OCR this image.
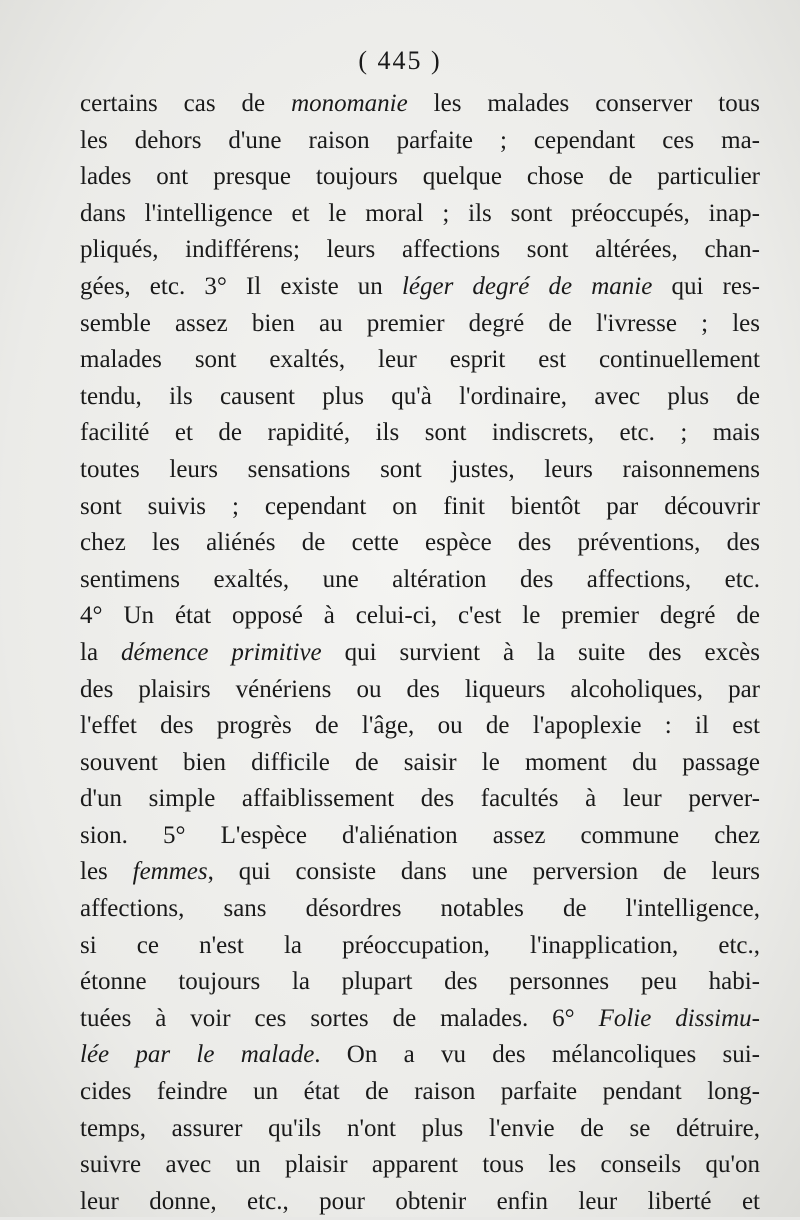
( 445 )
certains cas de monomanie les malades conserver tous
les dehors d'une raison parfaite ; cependant ces ma-
lades ont presque toujours quelque chose de particulier
dans l'intelligence et le moral ; ils sont préoccupés, inap-
pliqués, indifférens; leurs affections sont altérées, chan-
gées, etc. 3° Il existe un léger degré de manie qui res-
semble assez bien au premier degré de l'ivresse ; les
malades sont exaltés, leur esprit est continuellement
tendu, ils causent plus qu'à l'ordinaire, avec plus de
facilité et de rapidité, ils sont indiscrets, etc. ; mais
toutes leurs sensations sont justes, leurs raisonnemens
sont suivis ; cependant on finit bientôt par découvrir
chez les aliénés de cette espèce des préventions, des
sentimens exaltés, une altération des affections, etc.
4° Un état opposé à celui-ci, c'est le premier degré de
la démence primitive qui survient à la suite des excès
des plaisirs vénériens ou des liqueurs alcoholiques, par
l'effet des progrès de l'âge, ou de l'apoplexie : il est
souvent bien difficile de saisir le moment du passage
d'un simple affaiblissement des facultés à leur perver-
sion. 5° L'espèce d'aliénation assez commune chez
les femmes, qui consiste dans une perversion de leurs
affections, sans désordres notables de l'intelligence,
si ce n'est la préoccupation, l'inapplication, etc.,
étonne toujours la plupart des personnes peu habi-
tuées à voir ces sortes de malades. 6° Folie dissimu-
lée par le malade. On a vu des mélancoliques sui-
cides feindre un état de raison parfaite pendant long-
temps, assurer qu'ils n'ont plus l'envie de se détruire,
suivre avec un plaisir apparent tous les conseils qu'on
leur donne, etc., pour obtenir enfin leur liberté et
